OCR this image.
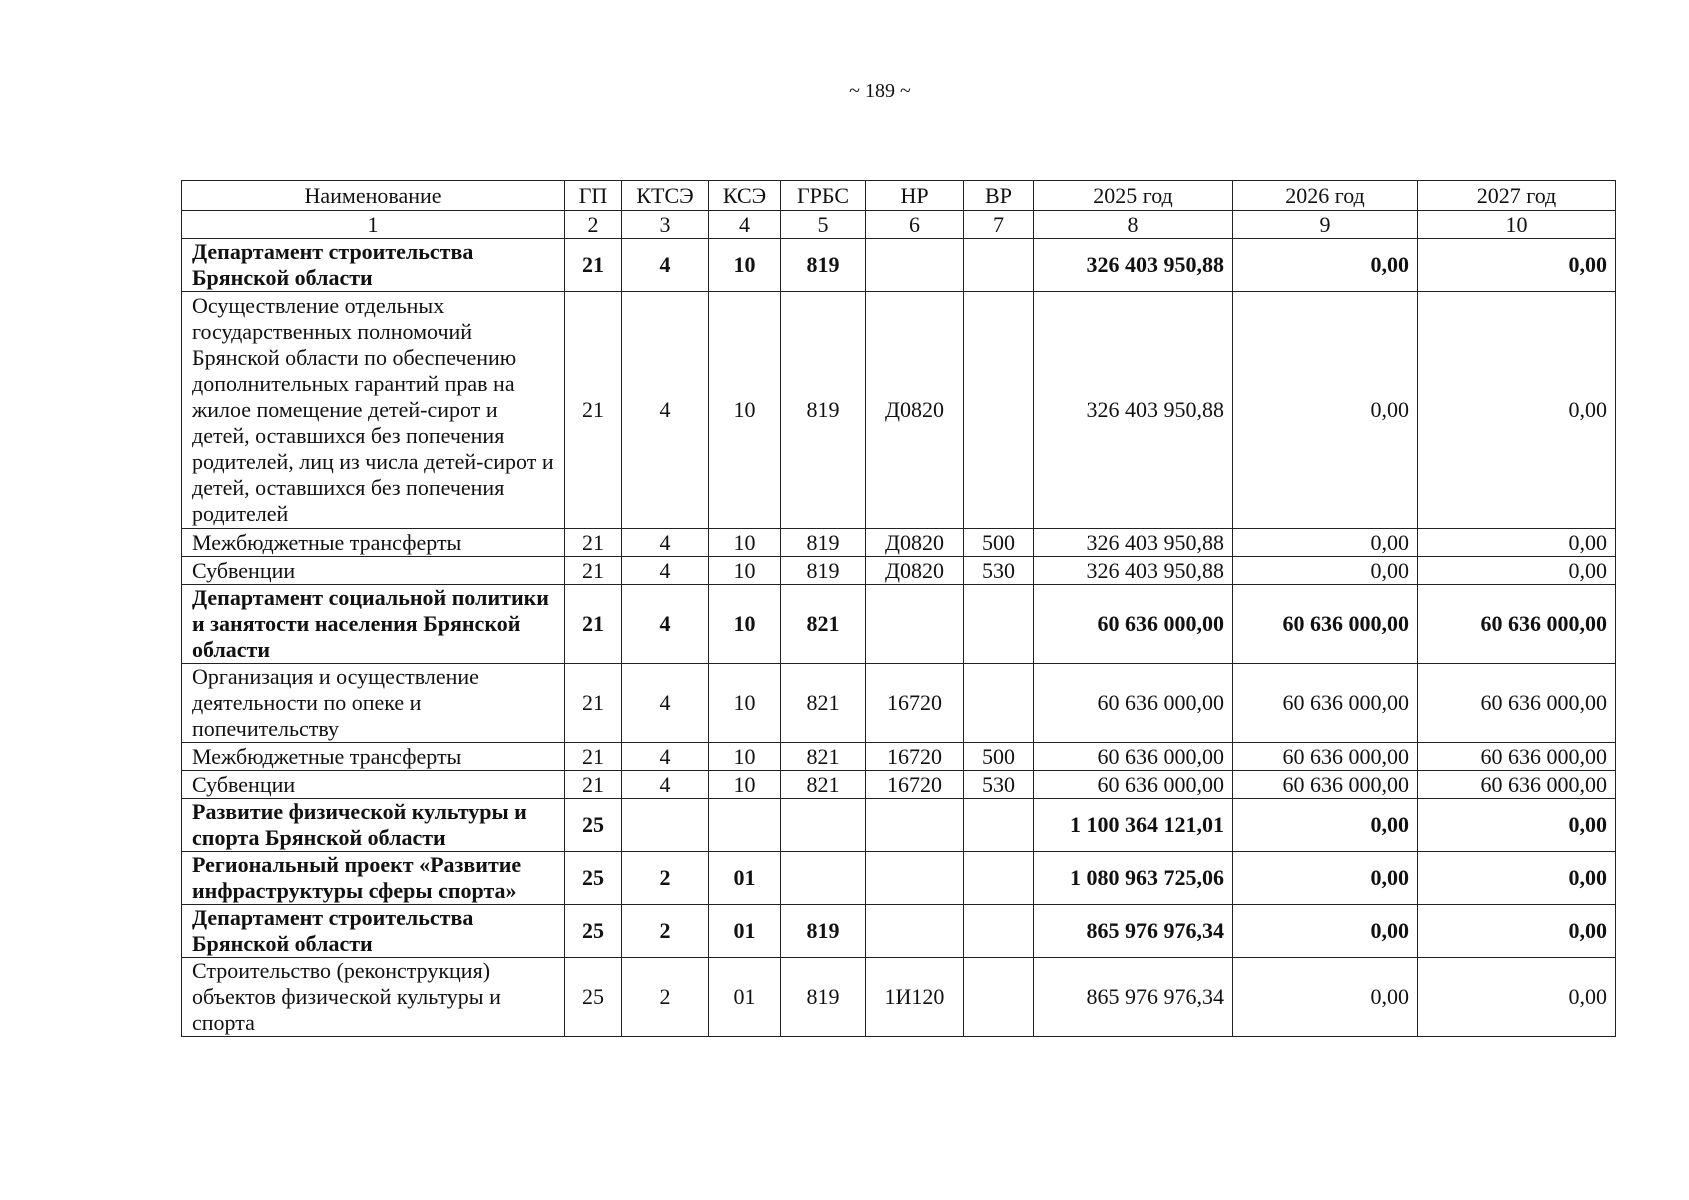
~ 189 ~
Наименование	ГП	КТСЭ	КСЭ	ГРБС	НР	ВР	2025 год	2026 год	2027 год
1	2	3	4	5	6	7	8	9	10
Департамент строительства Брянской области	21	4	10	819			326 403 950,88	0,00	0,00
Осуществление отдельных государственных полномочий Брянской области по обеспечению дополнительных гарантий прав на жилое помещение детей-сирот и детей, оставшихся без попечения родителей, лиц из числа детей-сирот и детей, оставшихся без попечения родителей	21	4	10	819	Д0820		326 403 950,88	0,00	0,00
Межбюджетные трансферты	21	4	10	819	Д0820	500	326 403 950,88	0,00	0,00
Субвенции	21	4	10	819	Д0820	530	326 403 950,88	0,00	0,00
Департамент социальной политики и занятости населения Брянской области	21	4	10	821			60 636 000,00	60 636 000,00	60 636 000,00
Организация и осуществление деятельности по опеке и попечительству	21	4	10	821	16720		60 636 000,00	60 636 000,00	60 636 000,00
Межбюджетные трансферты	21	4	10	821	16720	500	60 636 000,00	60 636 000,00	60 636 000,00
Субвенции	21	4	10	821	16720	530	60 636 000,00	60 636 000,00	60 636 000,00
Развитие физической культуры и спорта Брянской области	25						1 100 364 121,01	0,00	0,00
Региональный проект «Развитие инфраструктуры сферы спорта»	25	2	01				1 080 963 725,06	0,00	0,00
Департамент строительства Брянской области	25	2	01	819			865 976 976,34	0,00	0,00
Строительство (реконструкция) объектов физической культуры и спорта	25	2	01	819	1И120		865 976 976,34	0,00	0,00
